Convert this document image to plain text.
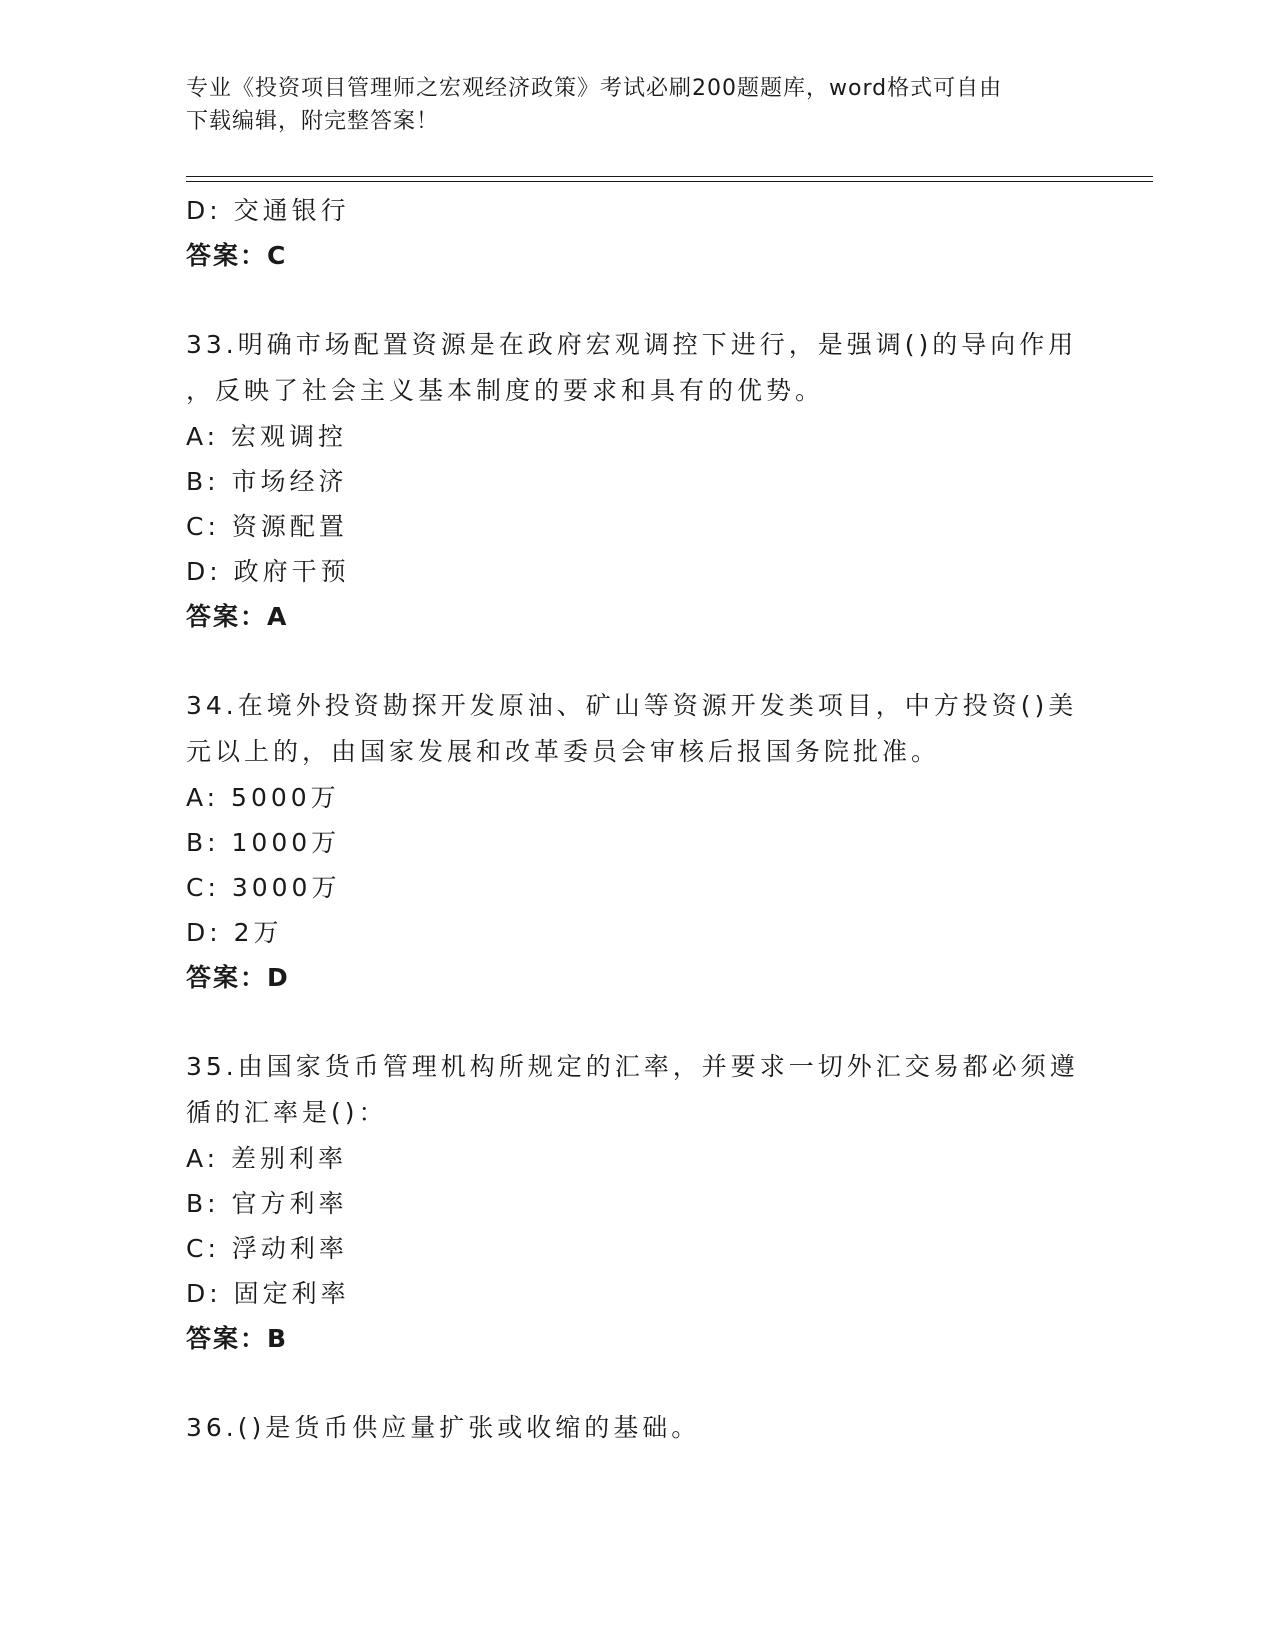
专业《投资项目管理师之宏观经济政策》考试必刷200题题库，word格式可自由
下载编辑，附完整答案！
D: 交通银行
答案：C
33.明确市场配置资源是在政府宏观调控下进行，是强调()的导向作用
，反映了社会主义基本制度的要求和具有的优势。
A: 宏观调控
B: 市场经济
C: 资源配置
D: 政府干预
答案：A
34.在境外投资勘探开发原油、矿山等资源开发类项目，中方投资()美
元以上的，由国家发展和改革委员会审核后报国务院批准。
A: 5000万
B: 1000万
C: 3000万
D: 2万
答案：D
35.由国家货币管理机构所规定的汇率，并要求一切外汇交易都必须遵
循的汇率是()：
A: 差别利率
B: 官方利率
C: 浮动利率
D: 固定利率
答案：B
36.()是货币供应量扩张或收缩的基础。
